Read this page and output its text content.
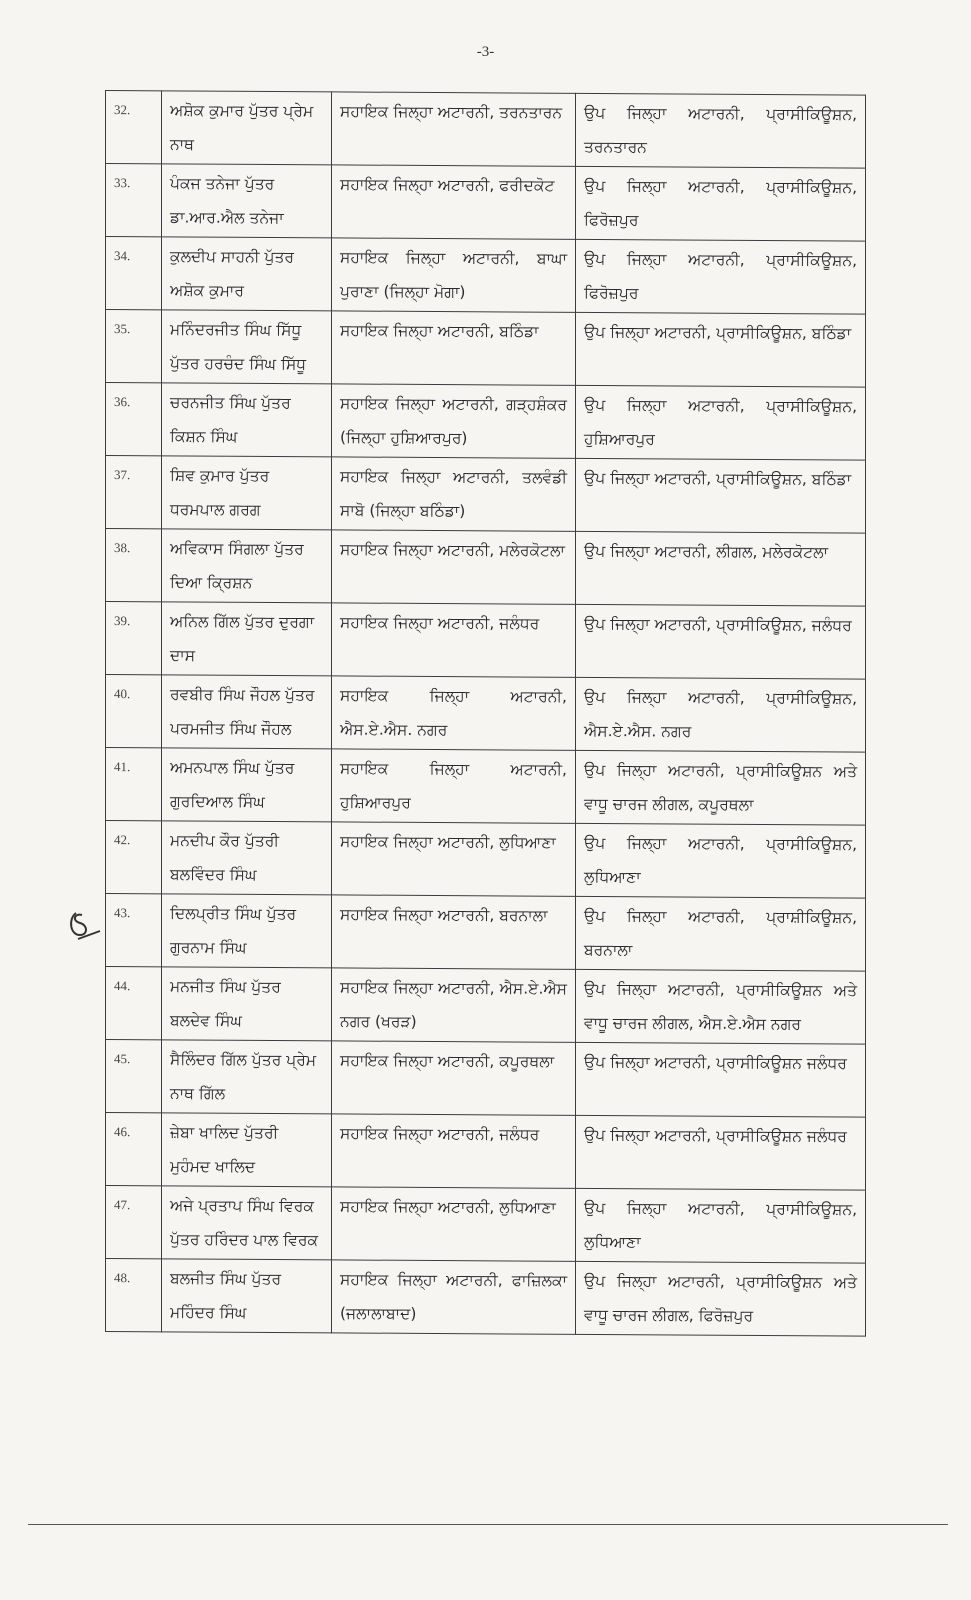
-3-
32.	ਅਸ਼ੋਕ ਕੁਮਾਰ ਪੁੱਤਰ ਪ੍ਰੇਮ ਨਾਥ	ਸਹਾਇਕ ਜਿਲ੍ਹਾ ਅਟਾਰਨੀ, ਤਰਨਤਾਰਨ	ਉਪ ਜਿਲ੍ਹਾ ਅਟਾਰਨੀ, ਪ੍ਰਾਸੀਕਿਊਸ਼ਨ, ਤਰਨਤਾਰਨ
33.	ਪੰਕਜ ਤਨੇਜਾ ਪੁੱਤਰ ਡਾ.ਆਰ.ਐਲ ਤਨੇਜਾ	ਸਹਾਇਕ ਜਿਲ੍ਹਾ ਅਟਾਰਨੀ, ਫਰੀਦਕੋਟ	ਉਪ ਜਿਲ੍ਹਾ ਅਟਾਰਨੀ, ਪ੍ਰਾਸੀਕਿਊਸ਼ਨ, ਫਿਰੋਜ਼ਪੁਰ
34.	ਕੁਲਦੀਪ ਸਾਹਨੀ ਪੁੱਤਰ ਅਸ਼ੋਕ ਕੁਮਾਰ	ਸਹਾਇਕ ਜਿਲ੍ਹਾ ਅਟਾਰਨੀ, ਬਾਘਾ ਪੁਰਾਣਾ (ਜਿਲ੍ਹਾ ਮੋਗਾ)	ਉਪ ਜਿਲ੍ਹਾ ਅਟਾਰਨੀ, ਪ੍ਰਾਸੀਕਿਊਸ਼ਨ, ਫਿਰੋਜ਼ਪੁਰ
35.	ਮਨਿੰਦਰਜੀਤ ਸਿੰਘ ਸਿੱਧੂ ਪੁੱਤਰ ਹਰਚੰਦ ਸਿੰਘ ਸਿੱਧੂ	ਸਹਾਇਕ ਜਿਲ੍ਹਾ ਅਟਾਰਨੀ, ਬਠਿੰਡਾ	ਉਪ ਜਿਲ੍ਹਾ ਅਟਾਰਨੀ, ਪ੍ਰਾਸੀਕਿਊਸ਼ਨ, ਬਠਿੰਡਾ
36.	ਚਰਨਜੀਤ ਸਿੰਘ ਪੁੱਤਰ ਕਿਸ਼ਨ ਸਿੰਘ	ਸਹਾਇਕ ਜਿਲ੍ਹਾ ਅਟਾਰਨੀ, ਗੜ੍ਹਸ਼ੰਕਰ (ਜਿਲ੍ਹਾ ਹੁਸ਼ਿਆਰਪੁਰ)	ਉਪ ਜਿਲ੍ਹਾ ਅਟਾਰਨੀ, ਪ੍ਰਾਸੀਕਿਊਸ਼ਨ, ਹੁਸ਼ਿਆਰਪੁਰ
37.	ਸ਼ਿਵ ਕੁਮਾਰ ਪੁੱਤਰ ਧਰਮਪਾਲ ਗਰਗ	ਸਹਾਇਕ ਜਿਲ੍ਹਾ ਅਟਾਰਨੀ, ਤਲਵੰਡੀ ਸਾਬੋ (ਜਿਲ੍ਹਾ ਬਠਿੰਡਾ)	ਉਪ ਜਿਲ੍ਹਾ ਅਟਾਰਨੀ, ਪ੍ਰਾਸੀਕਿਊਸ਼ਨ, ਬਠਿੰਡਾ
38.	ਅਵਿਕਾਸ ਸਿੰਗਲਾ ਪੁੱਤਰ ਦਿਆ ਕ੍ਰਿਸ਼ਨ	ਸਹਾਇਕ ਜਿਲ੍ਹਾ ਅਟਾਰਨੀ, ਮਲੇਰਕੋਟਲਾ	ਉਪ ਜਿਲ੍ਹਾ ਅਟਾਰਨੀ, ਲੀਗਲ, ਮਲੇਰਕੋਟਲਾ
39.	ਅਨਿਲ ਗਿੱਲ ਪੁੱਤਰ ਦੁਰਗਾ ਦਾਸ	ਸਹਾਇਕ ਜਿਲ੍ਹਾ ਅਟਾਰਨੀ, ਜਲੰਧਰ	ਉਪ ਜਿਲ੍ਹਾ ਅਟਾਰਨੀ, ਪ੍ਰਾਸੀਕਿਊਸ਼ਨ, ਜਲੰਧਰ
40.	ਰਵਬੀਰ ਸਿੰਘ ਜੌਹਲ ਪੁੱਤਰ ਪਰਮਜੀਤ ਸਿੰਘ ਜੌਹਲ	ਸਹਾਇਕ ਜਿਲ੍ਹਾ ਅਟਾਰਨੀ, ਐਸ.ਏ.ਐਸ. ਨਗਰ	ਉਪ ਜਿਲ੍ਹਾ ਅਟਾਰਨੀ, ਪ੍ਰਾਸੀਕਿਊਸ਼ਨ, ਐਸ.ਏ.ਐਸ. ਨਗਰ
41.	ਅਮਨਪਾਲ ਸਿੰਘ ਪੁੱਤਰ ਗੁਰਦਿਆਲ ਸਿੰਘ	ਸਹਾਇਕ ਜਿਲ੍ਹਾ ਅਟਾਰਨੀ, ਹੁਸ਼ਿਆਰਪੁਰ	ਉਪ ਜਿਲ੍ਹਾ ਅਟਾਰਨੀ, ਪ੍ਰਾਸੀਕਿਊਸ਼ਨ ਅਤੇ ਵਾਧੂ ਚਾਰਜ ਲੀਗਲ, ਕਪੂਰਥਲਾ
42.	ਮਨਦੀਪ ਕੌਰ ਪੁੱਤਰੀ ਬਲਵਿੰਦਰ ਸਿੰਘ	ਸਹਾਇਕ ਜਿਲ੍ਹਾ ਅਟਾਰਨੀ, ਲੁਧਿਆਣਾ	ਉਪ ਜਿਲ੍ਹਾ ਅਟਾਰਨੀ, ਪ੍ਰਾਸੀਕਿਊਸ਼ਨ, ਲੁਧਿਆਣਾ
43.	ਦਿਲਪ੍ਰੀਤ ਸਿੰਘ ਪੁੱਤਰ ਗੁਰਨਾਮ ਸਿੰਘ	ਸਹਾਇਕ ਜਿਲ੍ਹਾ ਅਟਾਰਨੀ, ਬਰਨਾਲਾ	ਉਪ ਜਿਲ੍ਹਾ ਅਟਾਰਨੀ, ਪ੍ਰਾਸ਼ੀਕਿਊਸ਼ਨ, ਬਰਨਾਲਾ
44.	ਮਨਜੀਤ ਸਿੰਘ ਪੁੱਤਰ ਬਲਦੇਵ ਸਿੰਘ	ਸਹਾਇਕ ਜਿਲ੍ਹਾ ਅਟਾਰਨੀ, ਐਸ.ਏ.ਐਸ ਨਗਰ (ਖਰੜ)	ਉਪ ਜਿਲ੍ਹਾ ਅਟਾਰਨੀ, ਪ੍ਰਾਸੀਕਿਊਸ਼ਨ ਅਤੇ ਵਾਧੂ ਚਾਰਜ ਲੀਗਲ, ਐਸ.ਏ.ਐਸ ਨਗਰ
45.	ਸੈਲਿੰਦਰ ਗਿੱਲ ਪੁੱਤਰ ਪ੍ਰੇਮ ਨਾਥ ਗਿੱਲ	ਸਹਾਇਕ ਜਿਲ੍ਹਾ ਅਟਾਰਨੀ, ਕਪੂਰਥਲਾ	ਉਪ ਜਿਲ੍ਹਾ ਅਟਾਰਨੀ, ਪ੍ਰਾਸੀਕਿਊਸ਼ਨ ਜਲੰਧਰ
46.	ਜ਼ੇਬਾ ਖਾਲਿਦ ਪੁੱਤਰੀ ਮੁਹੰਮਦ ਖਾਲਿਦ	ਸਹਾਇਕ ਜਿਲ੍ਹਾ ਅਟਾਰਨੀ, ਜਲੰਧਰ	ਉਪ ਜਿਲ੍ਹਾ ਅਟਾਰਨੀ, ਪ੍ਰਾਸੀਕਿਊਸ਼ਨ ਜਲੰਧਰ
47.	ਅਜੇ ਪ੍ਰਤਾਪ ਸਿੰਘ ਵਿਰਕ ਪੁੱਤਰ ਹਰਿੰਦਰ ਪਾਲ ਵਿਰਕ	ਸਹਾਇਕ ਜਿਲ੍ਹਾ ਅਟਾਰਨੀ, ਲੁਧਿਆਣਾ	ਉਪ ਜਿਲ੍ਹਾ ਅਟਾਰਨੀ, ਪ੍ਰਾਸੀਕਿਊਸ਼ਨ, ਲੁਧਿਆਣਾ
48.	ਬਲਜੀਤ ਸਿੰਘ ਪੁੱਤਰ ਮਹਿੰਦਰ ਸਿੰਘ	ਸਹਾਇਕ ਜਿਲ੍ਹਾ ਅਟਾਰਨੀ, ਫਾਜ਼ਿਲਕਾ (ਜਲਾਲਾਬਾਦ)	ਉਪ ਜਿਲ੍ਹਾ ਅਟਾਰਨੀ, ਪ੍ਰਾਸੀਕਿਊਸ਼ਨ ਅਤੇ ਵਾਧੂ ਚਾਰਜ ਲੀਗਲ, ਫਿਰੋਜ਼ਪੁਰ
